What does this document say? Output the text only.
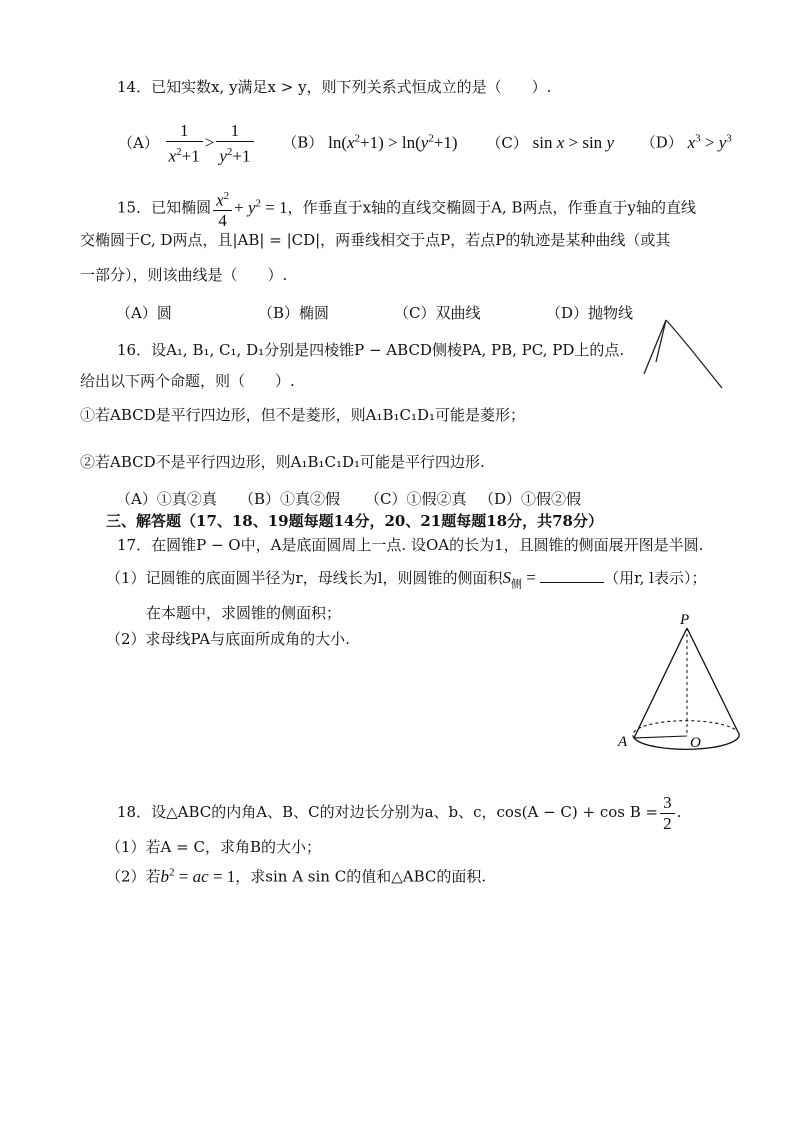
14．已知实数x, y满足x > y，则下列关系式恒成立的是（　　）.
$(A) \frac{1}{x^2+1} > \frac{1}{y^2+1} (B) \ln(x^2+1) > \ln(y^2+1)$ （C） sin x > sin y （D） $x^3 > y^3$
15．已知椭圆 $\frac{x^2}{4} + y^2 = 1$，作垂直于x轴的直线交椭圆于A, B两点，作垂直于y轴的直线
交椭圆于C, D两点，且|AB| = |CD|，两垂线相交于点P，若点P的轨迹是某种曲线（或其
一部分），则该曲线是（　　）.
（A）圆	（B）椭圆	（C）双曲线	（D）抛物线
16．设A₁, B₁, C₁, D₁分别是四棱锥P − ABCD侧棱PA, PB, PC, PD上的点.
给出以下两个命题，则（　　）.
①若ABCD是平行四边形，但不是菱形，则A₁B₁C₁D₁可能是菱形；
②若ABCD不是平行四边形，则A₁B₁C₁D₁可能是平行四边形.
（A）①真②真 （B）①真②假 （C）①假②真 （D）①假②假
三、解答题（17、18、19题每题14分，20、21题每题18分，共78分）
17．在圆锥P − O中，A是底面圆周上一点. 设OA的长为1，且圆锥的侧面展开图是半圆.
（1）记圆锥的底面圆半径为r，母线长为l，则圆锥的侧面积$S_侧$ =	（用r, l表示）；
在本题中，求圆锥的侧面积；
（2）求母线PA与底面所成角的大小.
P
A	O
18．设△ABC的内角A、B、C的对边长分别为a、b、c，$\cos(A - C) + \cos B = \frac{3}{2}$ .
（1）若A = C，求角B的大小；
（2）若$b^2$ = ac = 1，求sin A sin C的值和△ABC的面积.
